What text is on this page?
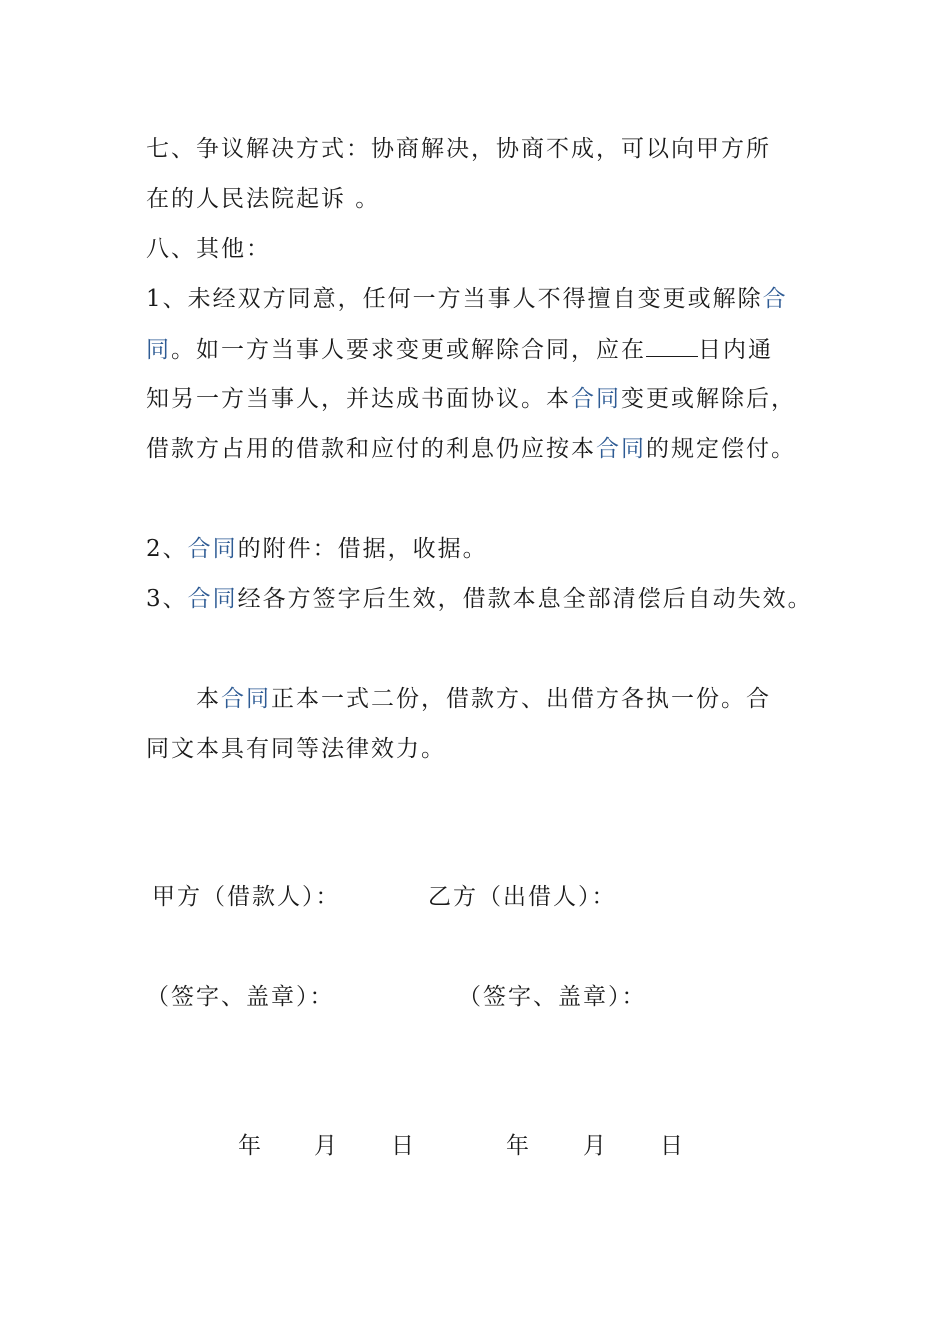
七、争议解决方式：协商解决，协商不成，可以向甲方所
在的人民法院起诉 。
八、其他：
1、未经双方同意，任何一方当事人不得擅自变更或解除合
同。如一方当事人要求变更或解除合同，应在 日内通
知另一方当事人，并达成书面协议。本合同变更或解除后，
借款方占用的借款和应付的利息仍应按本合同的规定偿付。
2、合同的附件：借据，收据。
3、合同经各方签字后生效，借款本息全部清偿后自动失效。
本合同正本一式二份，借款方、出借方各执一份。合
同文本具有同等法律效力。
甲方（借款人）：	乙方（出借人）：
（签字、盖章）：	（签字、盖章）：
年 月 日	年 月 日
